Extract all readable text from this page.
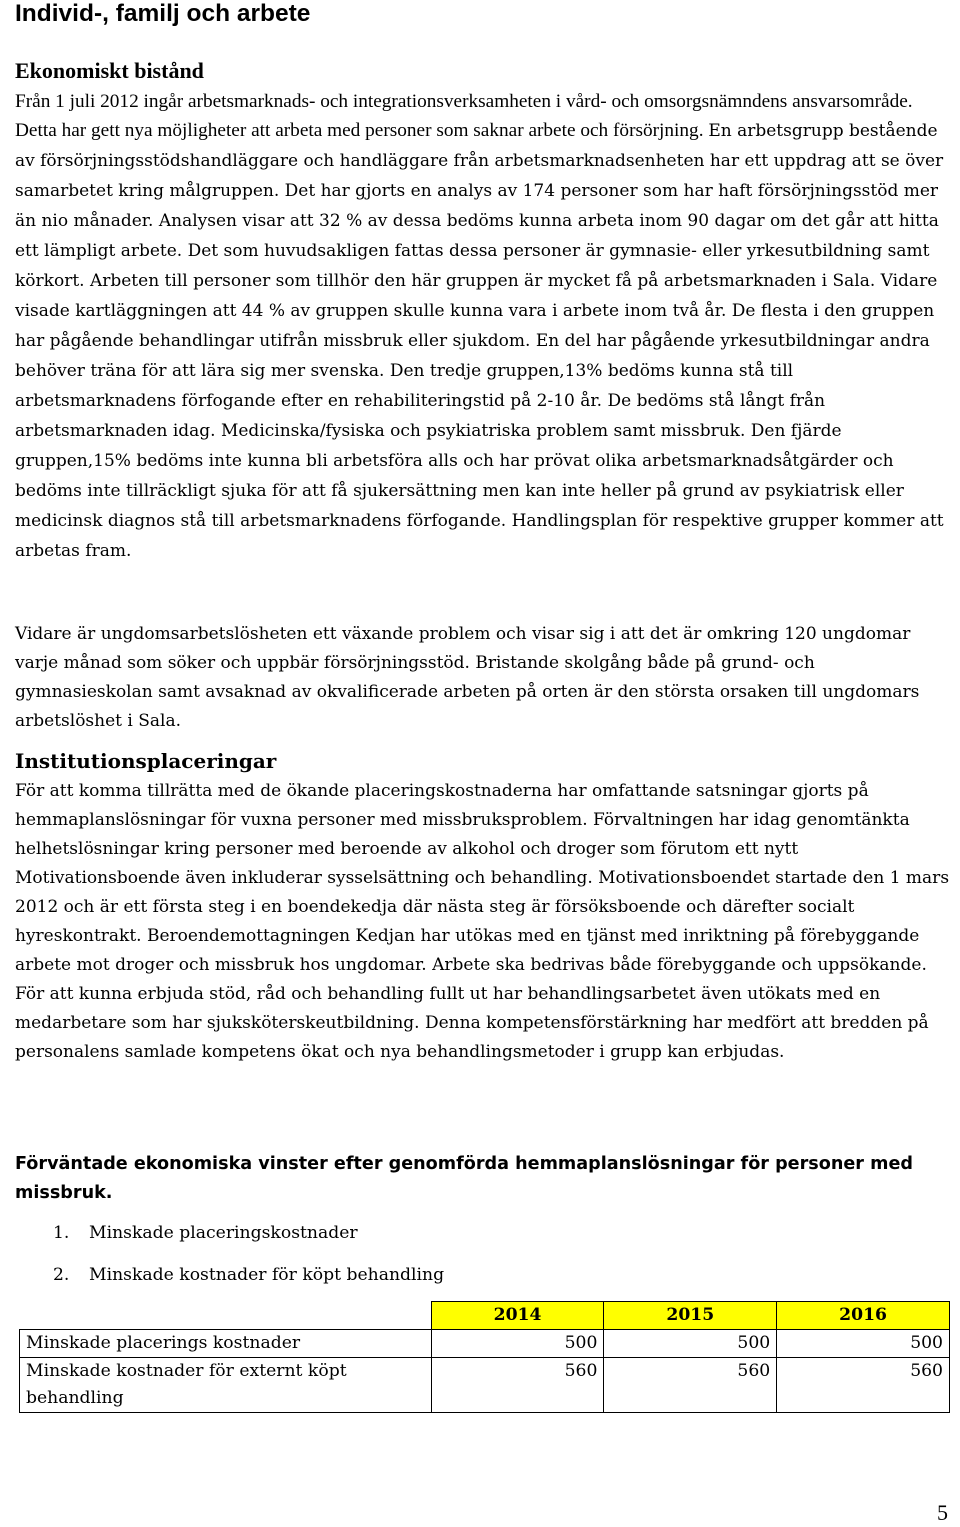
Individ-, familj och arbete
Ekonomiskt bistånd

Från 1 juli 2012 ingår arbetsmarknads- och integrationsverksamheten i vård- och omsorgsnämndens ansvarsområde. Detta har gett nya möjligheter att arbeta med personer som saknar arbete och försörjning. En arbetsgrupp bestående av försörjningsstödshandläggare och handläggare från arbetsmarknadsenheten har ett uppdrag att se över samarbetet kring målgruppen. Det har gjorts en analys av 174 personer som har haft försörjningsstöd mer än nio månader. Analysen visar att 32 % av dessa bedöms kunna arbeta inom 90 dagar om det går att hitta ett lämpligt arbete. Det som huvudsakligen fattas dessa personer är gymnasie- eller yrkesutbildning samt körkort. Arbeten till personer som tillhör den här gruppen är mycket få på arbetsmarknaden i Sala. Vidare visade kartläggningen att 44 % av gruppen skulle kunna vara i arbete inom två år. De flesta i den gruppen har pågående behandlingar utifrån missbruk eller sjukdom. En del har pågående yrkesutbildningar andra behöver träna för att lära sig mer svenska. Den tredje gruppen,13% bedöms kunna stå till arbetsmarknadens förfogande efter en rehabiliteringstid på 2-10 år. De bedöms stå långt från arbetsmarknaden idag. Medicinska/fysiska och psykiatriska problem samt missbruk. Den fjärde gruppen,15% bedöms inte kunna bli arbetsföra alls och har prövat olika arbetsmarknadsåtgärder och bedöms inte tillräckligt sjuka för att få sjukersättning men kan inte heller på grund av psykiatrisk eller medicinsk diagnos stå till arbetsmarknadens förfogande. Handlingsplan för respektive grupper kommer att arbetas fram.

Vidare är ungdomsarbetslösheten ett växande problem och visar sig i att det är omkring 120 ungdomar varje månad som söker och uppbär försörjningsstöd. Bristande skolgång både på grund- och gymnasieskolan samt avsaknad av okvalificerade arbeten på orten är den största orsaken till ungdomars arbetslöshet i Sala.

Institutionsplaceringar

För att komma tillrätta med de ökande placeringskostnaderna har omfattande satsningar gjorts på hemmaplanslösningar för vuxna personer med missbruksproblem. Förvaltningen har idag genomtänkta helhetslösningar kring personer med beroende av alkohol och droger som förutom ett nytt Motivationsboende även inkluderar sysselsättning och behandling. Motivationsboendet startade den 1 mars 2012 och är ett första steg i en boendekedja där nästa steg är försöksboende och därefter socialt hyreskontrakt. Beroendemottagningen Kedjan har utökas med en tjänst med inriktning på förebyggande arbete mot droger och missbruk hos ungdomar. Arbete ska bedrivas både förebyggande och uppsökande. För att kunna erbjuda stöd, råd och behandling fullt ut har behandlingsarbetet även utökats med en medarbetare som har sjuksköterskeutbildning. Denna kompetensförstärkning har medfört att bredden på personalens samlade kompetens ökat och nya behandlingsmetoder i grupp kan erbjudas.

Förväntade ekonomiska vinster efter genomförda hemmaplanslösningar för personer med missbruk.
1. Minskade placeringskostnader
2. Minskade kostnader för köpt behandling
	2014	2015	2016
Minskade placerings kostnader	500	500	500
Minskade kostnader för externt köpt behandling	560	560	560
5
